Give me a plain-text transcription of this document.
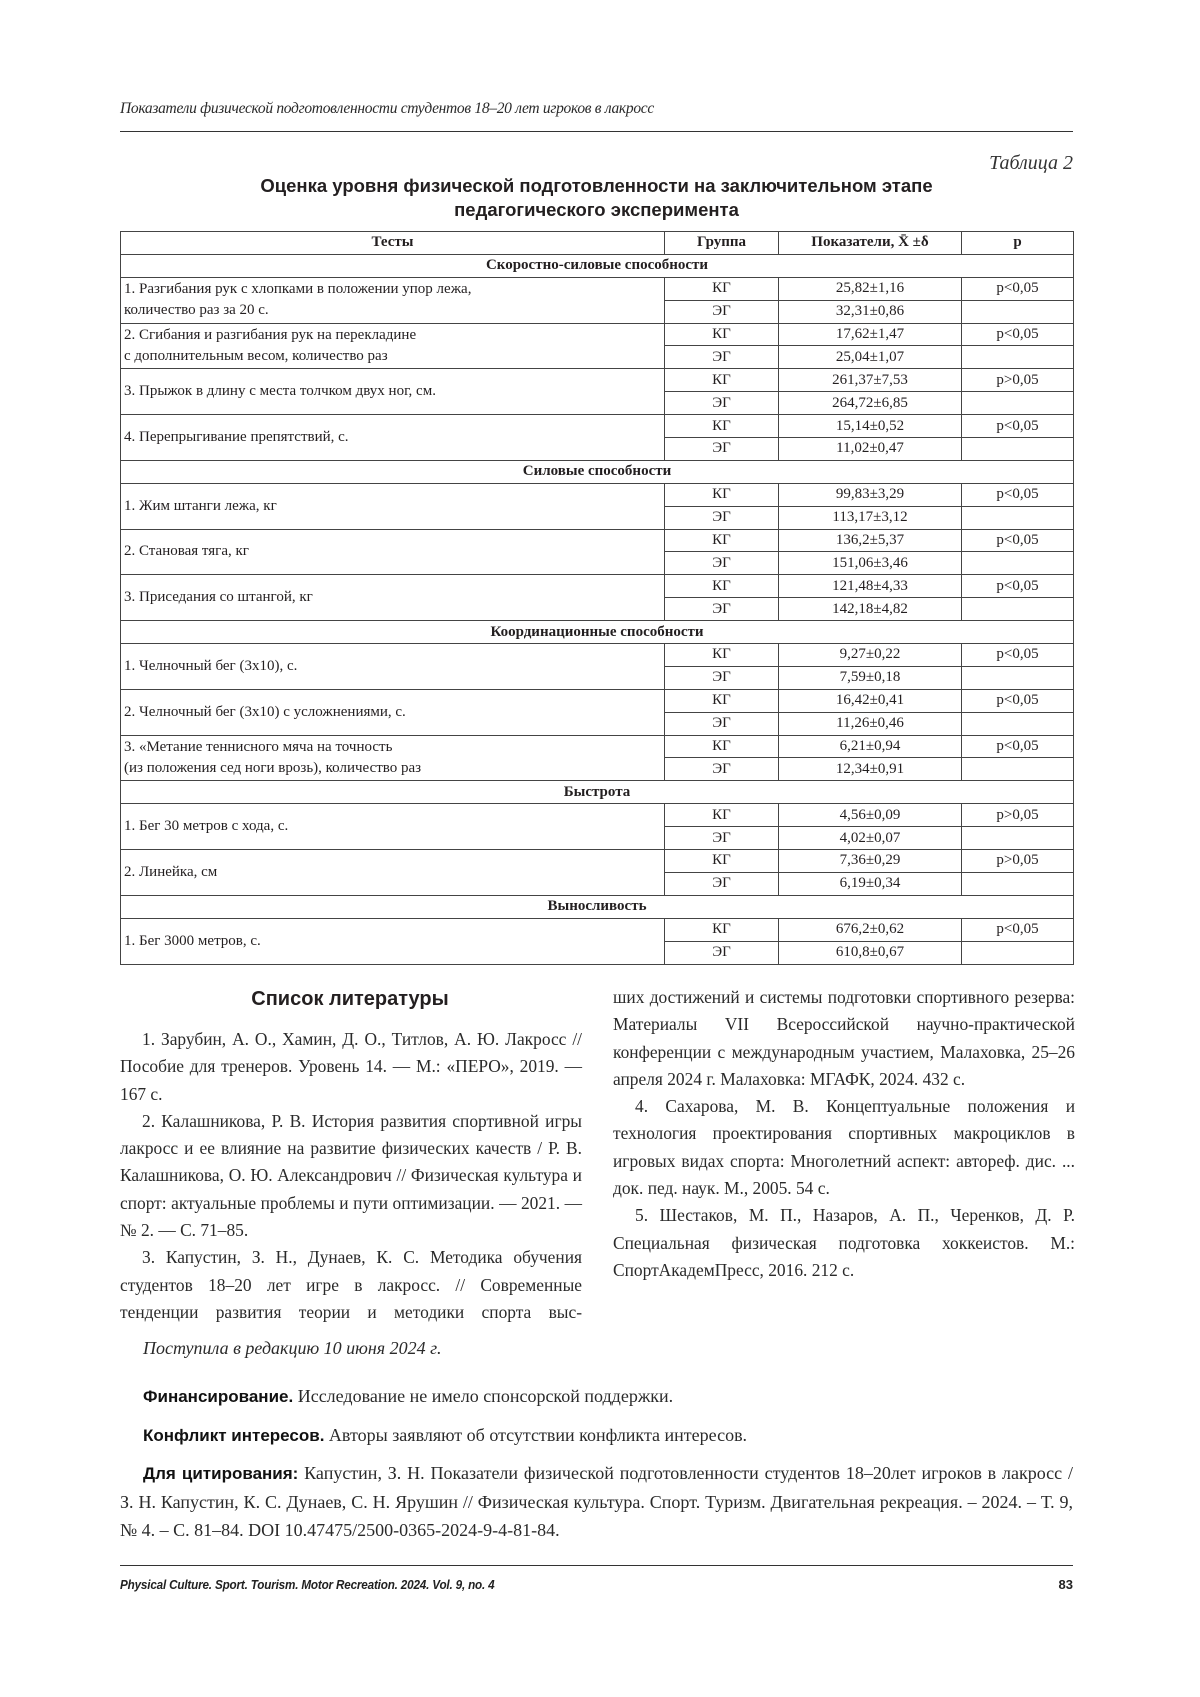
Показатели физической подготовленности студентов 18–20 лет игроков в лакросс
Таблица 2
Оценка уровня физической подготовленности на заключительном этапе
педагогического эксперимента
Тесты	Группа	Показатели, X̄ ±δ	p
Скоростно-силовые способности			
1. Разгибания рук с хлопками в положении упор лежа,
количество раз за 20 с.	КГ	25,82±1,16	p<0,05
	ЭГ	32,31±0,86	
2. Сгибания и разгибания рук на перекладине
с дополнительным весом, количество раз	КГ	17,62±1,47	p<0,05
	ЭГ	25,04±1,07	
3. Прыжок в длину с места толчком двух ног, см.	КГ	261,37±7,53	p>0,05
	ЭГ	264,72±6,85	
4. Перепрыгивание препятствий, с.	КГ	15,14±0,52	p<0,05
	ЭГ	11,02±0,47	
Силовые способности			
1. Жим штанги лежа, кг	КГ	99,83±3,29	p<0,05
	ЭГ	113,17±3,12	
2. Становая тяга, кг	КГ	136,2±5,37	p<0,05
	ЭГ	151,06±3,46	
3. Приседания со штангой, кг	КГ	121,48±4,33	p<0,05
	ЭГ	142,18±4,82	
Координационные способности			
1. Челночный бег (3х10), с.	КГ	9,27±0,22	p<0,05
	ЭГ	7,59±0,18	
2. Челночный бег (3х10) с усложнениями, с.	КГ	16,42±0,41	p<0,05
	ЭГ	11,26±0,46	
3. «Метание теннисного мяча на точность
(из положения сед ноги врозь), количество раз	КГ	6,21±0,94	p<0,05
	ЭГ	12,34±0,91	
Быстрота			
1. Бег 30 метров с хода, с.	КГ	4,56±0,09	p>0,05
	ЭГ	4,02±0,07	
2. Линейка, см	КГ	7,36±0,29	p>0,05
	ЭГ	6,19±0,34	
Выносливость			
1. Бег 3000 метров, с.	КГ	676,2±0,62	p<0,05
	ЭГ	610,8±0,67	
Список литературы

1. Зарубин, А. О., Хамин, Д. О., Титлов, А. Ю. Лакросс // Пособие для тренеров. Уровень 14. — М.: «ПЕРО», 2019. — 167 с.

2. Калашникова, Р. В. История развития спортивной игры лакросс и ее влияние на развитие физических качеств / Р. В. Калашникова, О. Ю. Александрович // Физическая культура и спорт: актуальные проблемы и пути оптимизации. — 2021. — № 2. — С. 71–85.

3. Капустин, З. Н., Дунаев, К. С. Методика обучения студентов 18–20 лет игре в лакросс. // Современные тенденции развития теории и методики спорта выс-

ших достижений и системы подготовки спортивного резерва: Материалы VII Всероссийской научно-практической конференции с международным участием, Малаховка, 25–26 апреля 2024 г. Малаховка: МГАФК, 2024. 432 с.

4. Сахарова, М. В. Концептуальные положения и технология проектирования спортивных макроциклов в игровых видах спорта: Многолетний аспект: автореф. дис. ... док. пед. наук. М., 2005. 54 с.

5. Шестаков, М. П., Назаров, А. П., Черенков, Д. Р. Специальная физическая подготовка хоккеистов. М.: СпортАкадемПресс, 2016. 212 с.

Поступила в редакцию 10 июня 2024 г.

Финансирование. Исследование не имело спонсорской поддержки.

Конфликт интересов. Авторы заявляют об отсутствии конфликта интересов.

Для цитирования: Капустин, З. Н. Показатели физической подготовленности студентов 18–20лет игроков в лакросс / З. Н. Капустин, К. С. Дунаев, С. Н. Ярушин // Физическая культура. Спорт. Туризм. Двигательная рекреация. – 2024. – Т. 9, № 4. – С. 81–84. DOI 10.47475/2500-0365-2024-9-4-81-84.

Physical Culture. Sport. Tourism. Motor Recreation. 2024. Vol. 9, no. 4	83
